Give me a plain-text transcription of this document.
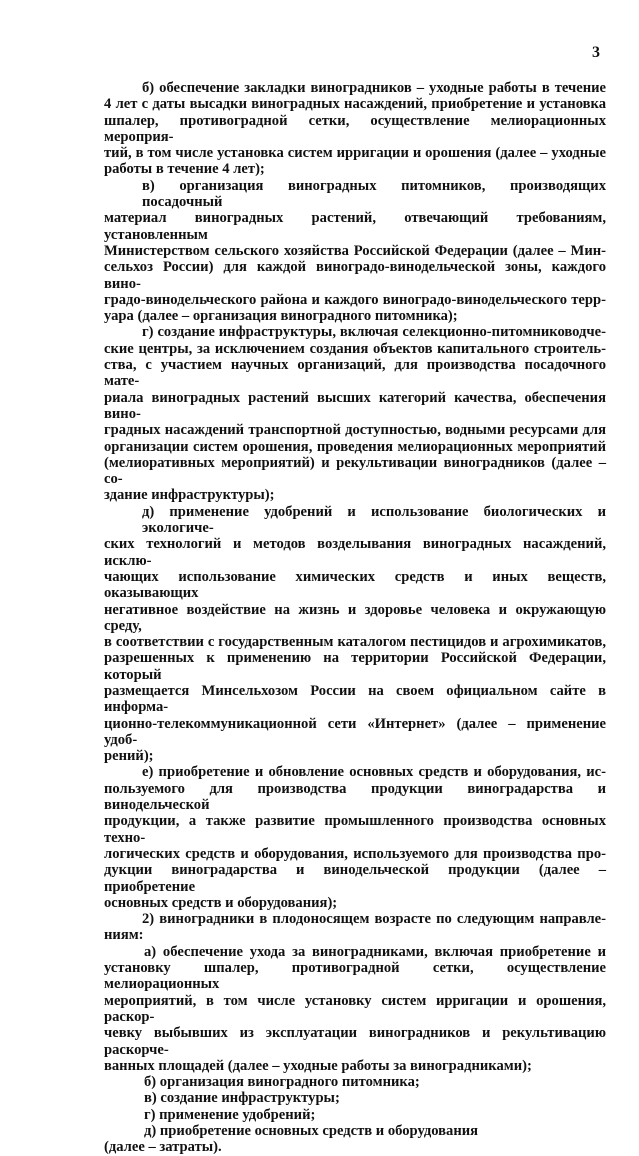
3
б) обеспечение закладки виноградников – уходные работы в течение
4 лет с даты высадки виноградных насаждений, приобретение и установка
шпалер, противоградной сетки, осуществление мелиорационных мероприя-
тий, в том числе установка систем ирригации и орошения (далее – уходные
работы в течение 4 лет);
в) организация виноградных питомников, производящих посадочный
материал виноградных растений, отвечающий требованиям, установленным
Министерством сельского хозяйства Российской Федерации (далее – Мин-
сельхоз России) для каждой виноградо-винодельческой зоны, каждого вино-
градо-винодельческого района и каждого виноградо-винодельческого терр-
уара (далее – организация виноградного питомника);
г) создание инфраструктуры, включая селекционно-питомниководче-
ские центры, за исключением создания объектов капитального строитель-
ства, с участием научных организаций, для производства посадочного мате-
риала виноградных растений высших категорий качества, обеспечения вино-
градных насаждений транспортной доступностью, водными ресурсами для
организации систем орошения, проведения мелиорационных мероприятий
(мелиоративных мероприятий) и рекультивации виноградников (далее – со-
здание инфраструктуры);
д) применение удобрений и использование биологических и экологиче-
ских технологий и методов возделывания виноградных насаждений, исклю-
чающих использование химических средств и иных веществ, оказывающих
негативное воздействие на жизнь и здоровье человека и окружающую среду,
в соответствии с государственным каталогом пестицидов и агрохимикатов,
разрешенных к применению на территории Российской Федерации, который
размещается Минсельхозом России на своем официальном сайте в информа-
ционно-телекоммуникационной сети «Интернет» (далее – применение удоб-
рений);
е) приобретение и обновление основных средств и оборудования, ис-
пользуемого для производства продукции виноградарства и винодельческой
продукции, а также развитие промышленного производства основных техно-
логических средств и оборудования, используемого для производства про-
дукции виноградарства и винодельческой продукции (далее – приобретение
основных средств и оборудования);
2) виноградники в плодоносящем возрасте по следующим направле-
ниям:
а) обеспечение ухода за виноградниками, включая приобретение и
установку шпалер, противоградной сетки, осуществление мелиорационных
мероприятий, в том числе установку систем ирригации и орошения, раскор-
чевку выбывших из эксплуатации виноградников и рекультивацию раскорче-
ванных площадей (далее – уходные работы за виноградниками);
б) организация виноградного питомника;
в) создание инфраструктуры;
г) применение удобрений;
д) приобретение основных средств и оборудования
(далее – затраты).
